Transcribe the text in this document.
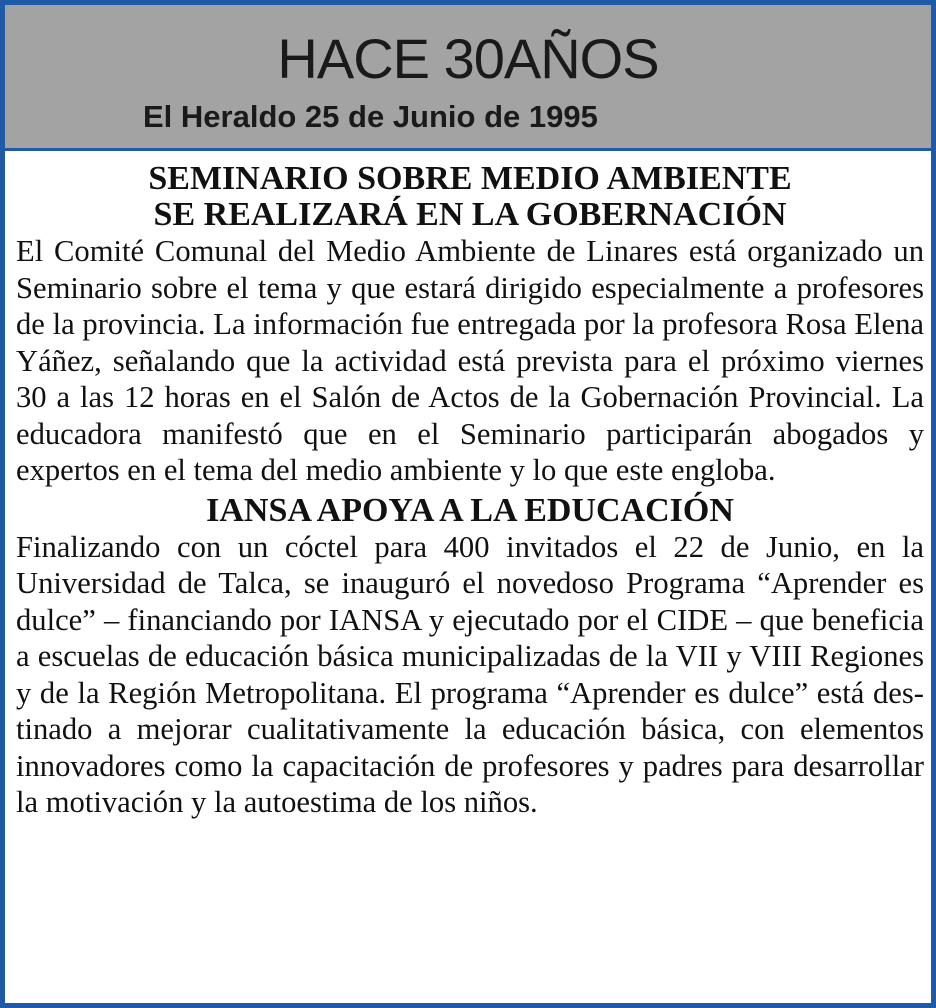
HACE 30AÑOS
El Heraldo 25 de Junio de 1995

SEMINARIO SOBRE MEDIO AMBIENTE

SE REALIZARÁ EN LA GOBERNACIÓN

El Comité Comunal del Medio Ambiente de Linares está organizado un Seminario sobre el tema y que estará dirigido especialmente a profesores de la provincia. La información fue entregada por la profesora Rosa Elena Yáñez, señalando que la actividad está prevista para el próximo viernes 30 a las 12 horas en el Salón de Actos de la Gobernación Provincial. La educadora manifestó que en el Seminario participarán abogados y expertos en el tema del medio ambiente y lo que este engloba.

IANSA APOYA A LA EDUCACIÓN

Finalizando con un cóctel para 400 invitados el 22 de Junio, en la Universidad de Talca, se inauguró el novedoso Programa “Aprender es dulce” – financiando por IANSA y ejecutado por el CIDE – que beneficia a escuelas de educación básica municipalizadas de la VII y VIII Regiones y de la Región Metropolitana. El programa “Aprender es dulce” está destinado a mejorar cualitativamente la educación básica, con elementos innovadores como la capacitación de profesores y padres para desarrollar la motivación y la autoestima de los niños.
